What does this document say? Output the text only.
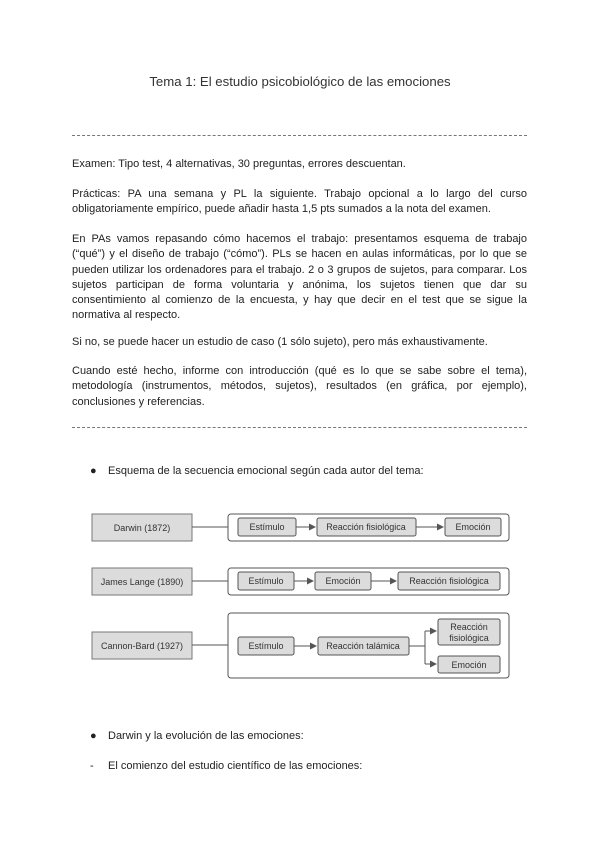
Tema 1: El estudio psicobiológico de las emociones
Examen: Tipo test, 4 alternativas, 30 preguntas, errores descuentan.
Prácticas: PA una semana y PL la siguiente. Trabajo opcional a lo largo del curso obligatoriamente empírico, puede añadir hasta 1,5 pts sumados a la nota del examen.
En PAs vamos repasando cómo hacemos el trabajo: presentamos esquema de trabajo (“qué”) y el diseño de trabajo (“cómo”). PLs se hacen en aulas informáticas, por lo que se pueden utilizar los ordenadores para el trabajo. 2 o 3 grupos de sujetos, para comparar. Los sujetos participan de forma voluntaria y anónima, los sujetos tienen que dar su consentimiento al comienzo de la encuesta, y hay que decir en el test que se sigue la normativa al respecto.
Si no, se puede hacer un estudio de caso (1 sólo sujeto), pero más exhaustivamente.
Cuando esté hecho, informe con introducción (qué es lo que se sabe sobre el tema), metodología (instrumentos, métodos, sujetos), resultados (en gráfica, por ejemplo), conclusiones y referencias.
● Esquema de la secuencia emocional según cada autor del tema:
Darwin (1872)	Estímulo	Reacción fisiológica	Emoción
James Lange (1890)	Estímulo	Emoción	Reacción fisiológica
Cannon-Bard (1927)	Estímulo	Reacción talámica
Reacción
fisiológica
Emoción
● Darwin y la evolución de las emociones:
- El comienzo del estudio científico de las emociones:
